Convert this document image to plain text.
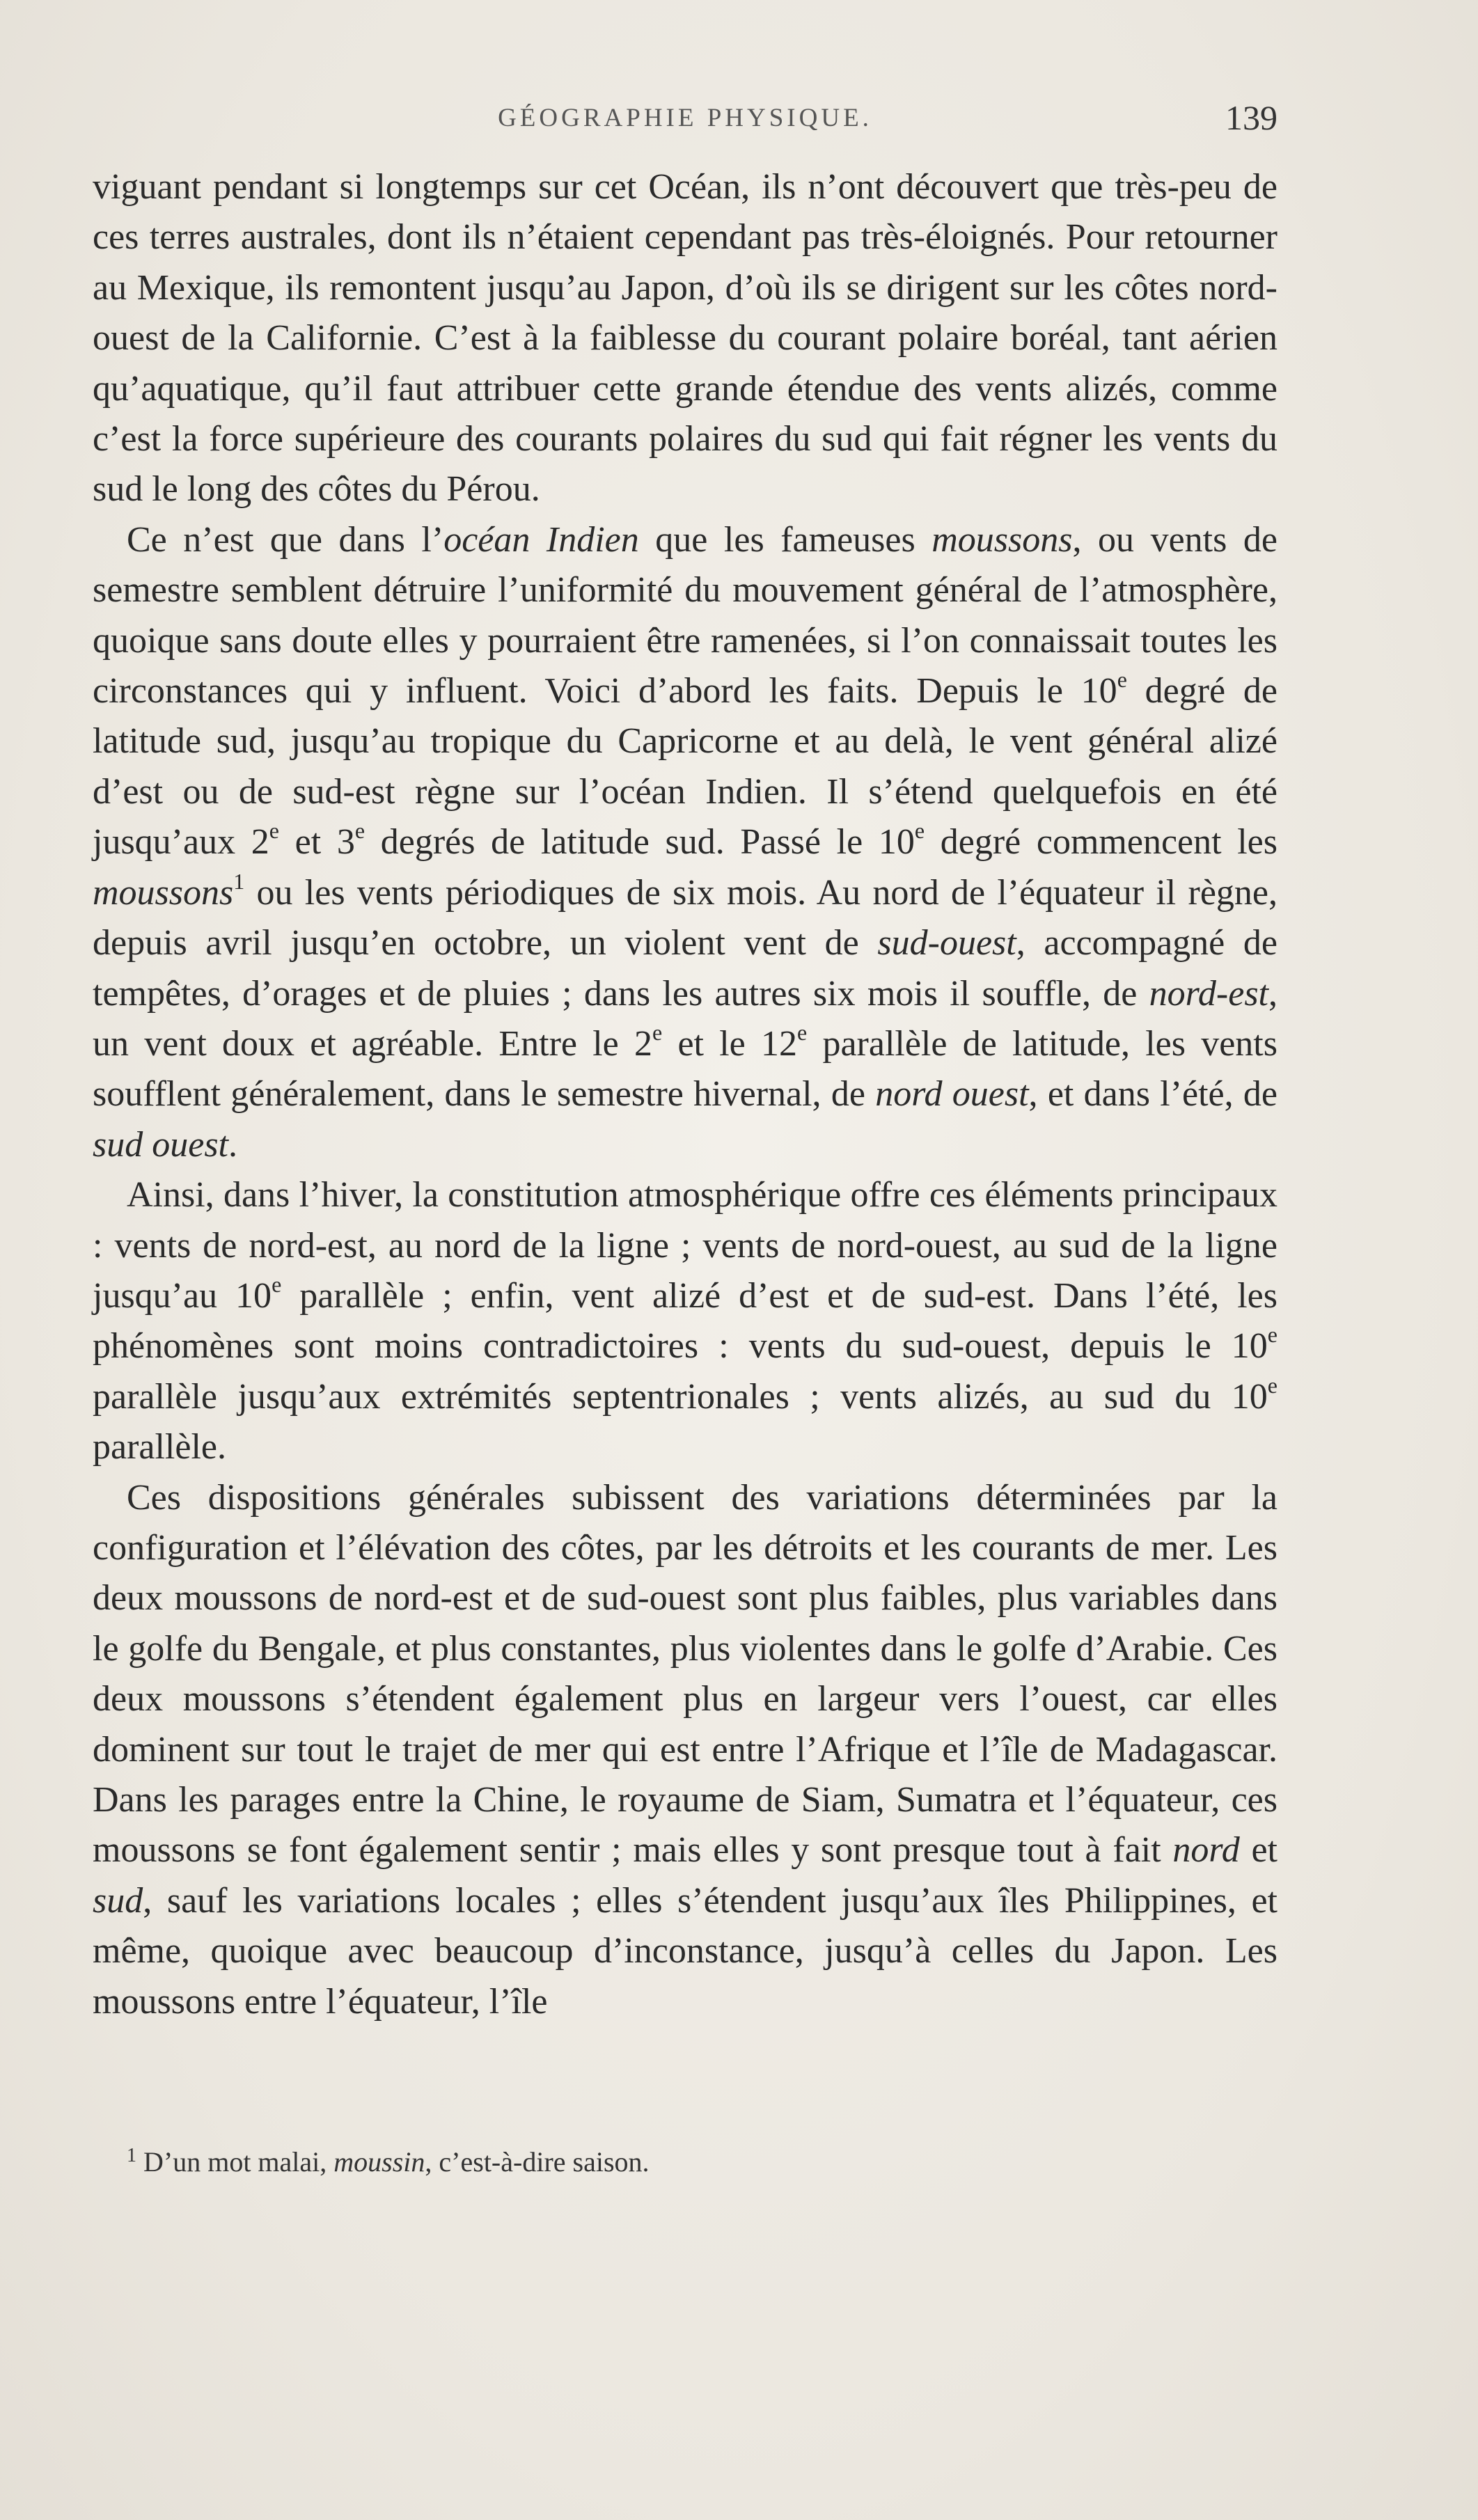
GÉOGRAPHIE PHYSIQUE.	139

viguant pendant si longtemps sur cet Océan, ils n’ont découvert que très-peu de ces terres australes, dont ils n’étaient cependant pas très-éloignés. Pour retourner au Mexique, ils remontent jusqu’au Japon, d’où ils se dirigent sur les côtes nord-ouest de la Californie. C’est à la faiblesse du courant polaire boréal, tant aérien qu’aquatique, qu’il faut attribuer cette grande étendue des vents alizés, comme c’est la force supérieure des courants polaires du sud qui fait régner les vents du sud le long des côtes du Pérou.

Ce n’est que dans l’océan Indien que les fameuses moussons, ou vents de semestre semblent détruire l’uniformité du mouvement général de l’atmosphère, quoique sans doute elles y pourraient être ramenées, si l’on connaissait toutes les circonstances qui y influent. Voici d’abord les faits. Depuis le 10e degré de latitude sud, jusqu’au tropique du Capricorne et au delà, le vent général alizé d’est ou de sud-est règne sur l’océan Indien. Il s’étend quelquefois en été jusqu’aux 2e et 3e degrés de latitude sud. Passé le 10e degré commencent les moussons$^1$ ou les vents périodiques de six mois. Au nord de l’équateur il règne, depuis avril jusqu’en octobre, un violent vent de sud-ouest, accompagné de tempêtes, d’orages et de pluies ; dans les autres six mois il souffle, de nord-est, un vent doux et agréable. Entre le 2e et le 12e parallèle de latitude, les vents soufflent généralement, dans le semestre hivernal, de nord ouest, et dans l’été, de sud ouest.

Ainsi, dans l’hiver, la constitution atmosphérique offre ces éléments principaux : vents de nord-est, au nord de la ligne ; vents de nord-ouest, au sud de la ligne jusqu’au 10e parallèle ; enfin, vent alizé d’est et de sud-est. Dans l’été, les phénomènes sont moins contradictoires : vents du sud-ouest, depuis le 10e parallèle jusqu’aux extrémités septentrionales ; vents alizés, au sud du 10e parallèle.

Ces dispositions générales subissent des variations déterminées par la configuration et l’élévation des côtes, par les détroits et les courants de mer. Les deux moussons de nord-est et de sud-ouest sont plus faibles, plus variables dans le golfe du Bengale, et plus constantes, plus violentes dans le golfe d’Arabie. Ces deux moussons s’étendent également plus en largeur vers l’ouest, car elles dominent sur tout le trajet de mer qui est entre l’Afrique et l’île de Madagascar. Dans les parages entre la Chine, le royaume de Siam, Sumatra et l’équateur, ces moussons se font également sentir ; mais elles y sont presque tout à fait nord et sud, sauf les variations locales ; elles s’étendent jusqu’aux îles Philippines, et même, quoique avec beaucoup d’inconstance, jusqu’à celles du Japon. Les moussons entre l’équateur, l’île

$^1$ D’un mot malai, moussin, c’est-à-dire saison.
